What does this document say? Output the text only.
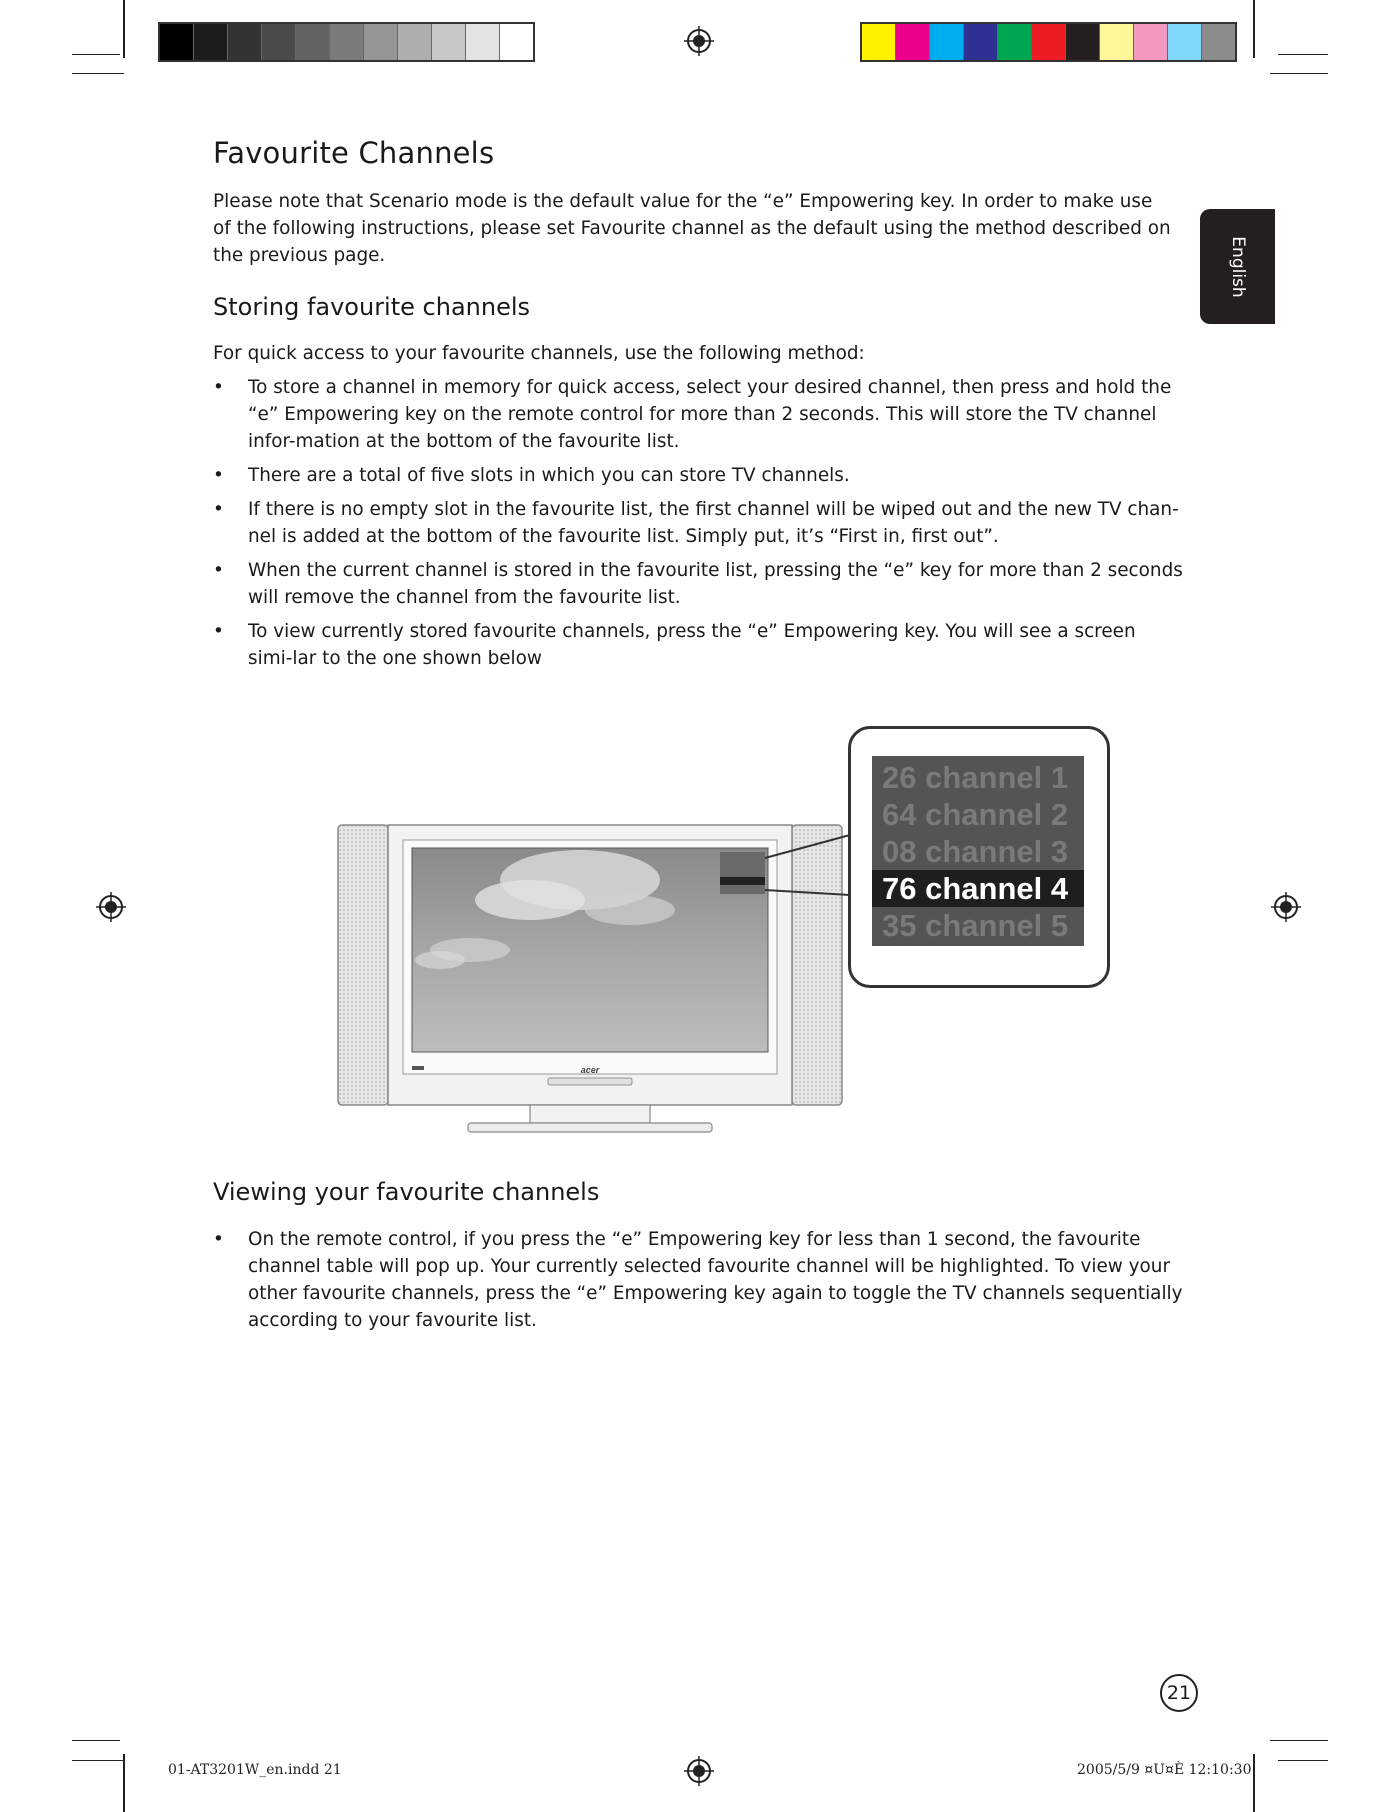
English
Favourite Channels

Please note that Scenario mode is the default value for the “e” Empowering key. In order to make use of the following instructions, please set Favourite channel as the default using the method described on the previous page.

Storing favourite channels

For quick access to your favourite channels, use the following method:

• To store a channel in memory for quick access, select your desired channel, then press and hold the “e” Empowering key on the remote control for more than 2 seconds. This will store the TV channel infor-mation at the bottom of the favourite list.
• There are a total of five slots in which you can store TV channels.
• If there is no empty slot in the favourite list, the first channel will be wiped out and the new TV chan-nel is added at the bottom of the favourite list. Simply put, it’s “First in, first out”.
• When the current channel is stored in the favourite list, pressing the “e” key for more than 2 seconds will remove the channel from the favourite list.
• To view currently stored favourite channels, press the “e” Empowering key. You will see a screen simi-lar to the one shown below
acer
26 channel 1
64 channel 2
08 channel 3
76 channel 4
35 channel 5
Viewing your favourite channels
• On the remote control, if you press the “e” Empowering key for less than 1 second, the favourite channel table will pop up. Your currently selected favourite channel will be highlighted. To view your other favourite channels, press the “e” Empowering key again to toggle the TV channels sequentially according to your favourite list.
21
01-AT3201W_en.indd 21	2005/5/9 ¤U¤È 12:10:30
